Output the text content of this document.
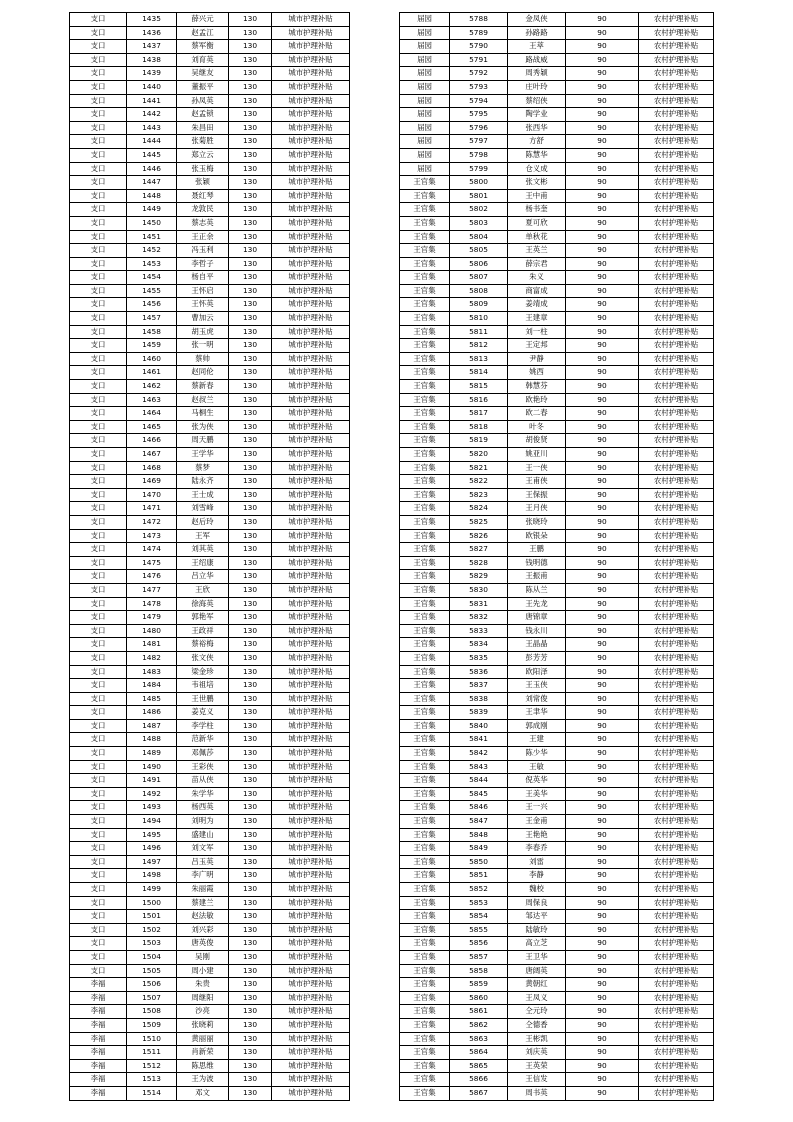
支口	1435	薛兴元	130	城市护理补贴
支口	1436	赵孟江	130	城市护理补贴
支口	1437	蔡军衡	130	城市护理补贴
支口	1438	刘育英	130	城市护理补贴
支口	1439	吴继友	130	城市护理补贴
支口	1440	董振平	130	城市护理补贴
支口	1441	孙凤英	130	城市护理补贴
支口	1442	赵孟锁	130	城市护理补贴
支口	1443	朱昌田	130	城市护理补贴
支口	1444	张菊胜	130	城市护理补贴
支口	1445	郑立云	130	城市护理补贴
支口	1446	张玉梅	130	城市护理补贴
支口	1447	张颖	130	城市护理补贴
支口	1448	聂红琴	130	城市护理补贴
支口	1449	龙敦民	130	城市护理补贴
支口	1450	蔡志英	130	城市护理补贴
支口	1451	王正余	130	城市护理补贴
支口	1452	冯玉利	130	城市护理补贴
支口	1453	李哲子	130	城市护理补贴
支口	1454	杨自平	130	城市护理补贴
支口	1455	王怀启	130	城市护理补贴
支口	1456	王怀英	130	城市护理补贴
支口	1457	曹加云	130	城市护理补贴
支口	1458	胡玉虎	130	城市护理补贴
支口	1459	张一明	130	城市护理补贴
支口	1460	蔡帅	130	城市护理补贴
支口	1461	赵同伦	130	城市护理补贴
支口	1462	蔡新春	130	城市护理补贴
支口	1463	赵叔兰	130	城市护理补贴
支口	1464	马桐生	130	城市护理补贴
支口	1465	张为侠	130	城市护理补贴
支口	1466	周天鹏	130	城市护理补贴
支口	1467	王学华	130	城市护理补贴
支口	1468	蔡梦	130	城市护理补贴
支口	1469	陆永齐	130	城市护理补贴
支口	1470	王士成	130	城市护理补贴
支口	1471	刘雪峰	130	城市护理补贴
支口	1472	赵后玲	130	城市护理补贴
支口	1473	王军	130	城市护理补贴
支口	1474	刘其英	130	城市护理补贴
支口	1475	王绍康	130	城市护理补贴
支口	1476	吕立华	130	城市护理补贴
支口	1477	王欣	130	城市护理补贴
支口	1478	徐海英	130	城市护理补贴
支口	1479	郭艳军	130	城市护理补贴
支口	1480	王政祥	130	城市护理补贴
支口	1481	蔡裕梅	130	城市护理补贴
支口	1482	张文侠	130	城市护理补贴
支口	1483	梁金珍	130	城市护理补贴
支口	1484	韦祖培	130	城市护理补贴
支口	1485	王世鹏	130	城市护理补贴
支口	1486	姜克义	130	城市护理补贴
支口	1487	李学柱	130	城市护理补贴
支口	1488	范新华	130	城市护理补贴
支口	1489	邓佩莎	130	城市护理补贴
支口	1490	王彩侠	130	城市护理补贴
支口	1491	苗从侠	130	城市护理补贴
支口	1492	朱学华	130	城市护理补贴
支口	1493	杨西英	130	城市护理补贴
支口	1494	刘明为	130	城市护理补贴
支口	1495	盛建山	130	城市护理补贴
支口	1496	刘文军	130	城市护理补贴
支口	1497	吕玉英	130	城市护理补贴
支口	1498	李广明	130	城市护理补贴
支口	1499	朱丽霞	130	城市护理补贴
支口	1500	蔡建兰	130	城市护理补贴
支口	1501	赵法敏	130	城市护理补贴
支口	1502	刘兴彩	130	城市护理补贴
支口	1503	唐英俊	130	城市护理补贴
支口	1504	吴刚	130	城市护理补贴
支口	1505	周小建	130	城市护理补贴
李福	1506	朱贵	130	城市护理补贴
李福	1507	周继阳	130	城市护理补贴
李福	1508	沙亮	130	城市护理补贴
李福	1509	张晓莉	130	城市护理补贴
李福	1510	黄丽丽	130	城市护理补贴
李福	1511	肖新荣	130	城市护理补贴
李福	1512	陈思维	130	城市护理补贴
李福	1513	王为波	130	城市护理补贴
李福	1514	邓文	130	城市护理补贴
届园	5788	金凤侠	90	农村护理补贴
届园	5789	孙路路	90	农村护理补贴
届园	5790	王萃	90	农村护理补贴
届园	5791	路战威	90	农村护理补贴
届园	5792	周秀颖	90	农村护理补贴
届园	5793	庄叶玲	90	农村护理补贴
届园	5794	蔡绍侠	90	农村护理补贴
届园	5795	陶学业	90	农村护理补贴
届园	5796	张西华	90	农村护理补贴
届园	5797	方舒	90	农村护理补贴
届园	5798	陈慧华	90	农村护理补贴
届园	5799	仓义成	90	农村护理补贴
王官集	5800	张文彬	90	农村护理补贴
王官集	5801	王中甫	90	农村护理补贴
王官集	5802	杨书奎	90	农村护理补贴
王官集	5803	夏可欣	90	农村护理补贴
王官集	5804	单秋花	90	农村护理补贴
王官集	5805	王英兰	90	农村护理补贴
王官集	5806	薛宗君	90	农村护理补贴
王官集	5807	朱义	90	农村护理补贴
王官集	5808	商富成	90	农村护理补贴
王官集	5809	姜靖成	90	农村护理补贴
王官集	5810	王建章	90	农村护理补贴
王官集	5811	刘一柱	90	农村护理补贴
王官集	5812	王定邦	90	农村护理补贴
王官集	5813	尹静	90	农村护理补贴
王官集	5814	姚西	90	农村护理补贴
王官集	5815	韩慧芬	90	农村护理补贴
王官集	5816	欧艳玲	90	农村护理补贴
王官集	5817	欧二春	90	农村护理补贴
王官集	5818	叶冬	90	农村护理补贴
王官集	5819	胡俊贤	90	农村护理补贴
王官集	5820	姚亚川	90	农村护理补贴
王官集	5821	王一侠	90	农村护理补贴
王官集	5822	王甫侠	90	农村护理补贴
王官集	5823	王保振	90	农村护理补贴
王官集	5824	王月侠	90	农村护理补贴
王官集	5825	张晓玲	90	农村护理补贴
王官集	5826	欧银朵	90	农村护理补贴
王官集	5827	王鹏	90	农村护理补贴
王官集	5828	钱明德	90	农村护理补贴
王官集	5829	王振甫	90	农村护理补贴
王官集	5830	陈从兰	90	农村护理补贴
王官集	5831	王先龙	90	农村护理补贴
王官集	5832	唐锦章	90	农村护理补贴
王官集	5833	钱永川	90	农村护理补贴
王官集	5834	王晶晶	90	农村护理补贴
王官集	5835	彭芳芳	90	农村护理补贴
王官集	5836	欧阳泽	90	农村护理补贴
王官集	5837	王玉侠	90	农村护理补贴
王官集	5838	刘常俊	90	农村护理补贴
王官集	5839	王聿华	90	农村护理补贴
王官集	5840	郭成刚	90	农村护理补贴
王官集	5841	王建	90	农村护理补贴
王官集	5842	陈少华	90	农村护理补贴
王官集	5843	王敏	90	农村护理补贴
王官集	5844	倪英华	90	农村护理补贴
王官集	5845	王美华	90	农村护理补贴
王官集	5846	王一兴	90	农村护理补贴
王官集	5847	王金甫	90	农村护理补贴
王官集	5848	王艳艳	90	农村护理补贴
王官集	5849	李春乔	90	农村护理补贴
王官集	5850	刘雷	90	农村护理补贴
王官集	5851	李静	90	农村护理补贴
王官集	5852	魏校	90	农村护理补贴
王官集	5853	周保良	90	农村护理补贴
王官集	5854	邹达平	90	农村护理补贴
王官集	5855	陆敏玲	90	农村护理补贴
王官集	5856	高立芝	90	农村护理补贴
王官集	5857	王卫华	90	农村护理补贴
王官集	5858	唐阔英	90	农村护理补贴
王官集	5859	黄朝红	90	农村护理补贴
王官集	5860	王凤义	90	农村护理补贴
王官集	5861	仝元玲	90	农村护理补贴
王官集	5862	仝德香	90	农村护理补贴
王官集	5863	王彬凯	90	农村护理补贴
王官集	5864	刘庆英	90	农村护理补贴
王官集	5865	王英荣	90	农村护理补贴
王官集	5866	王信发	90	农村护理补贴
王官集	5867	周书英	90	农村护理补贴
